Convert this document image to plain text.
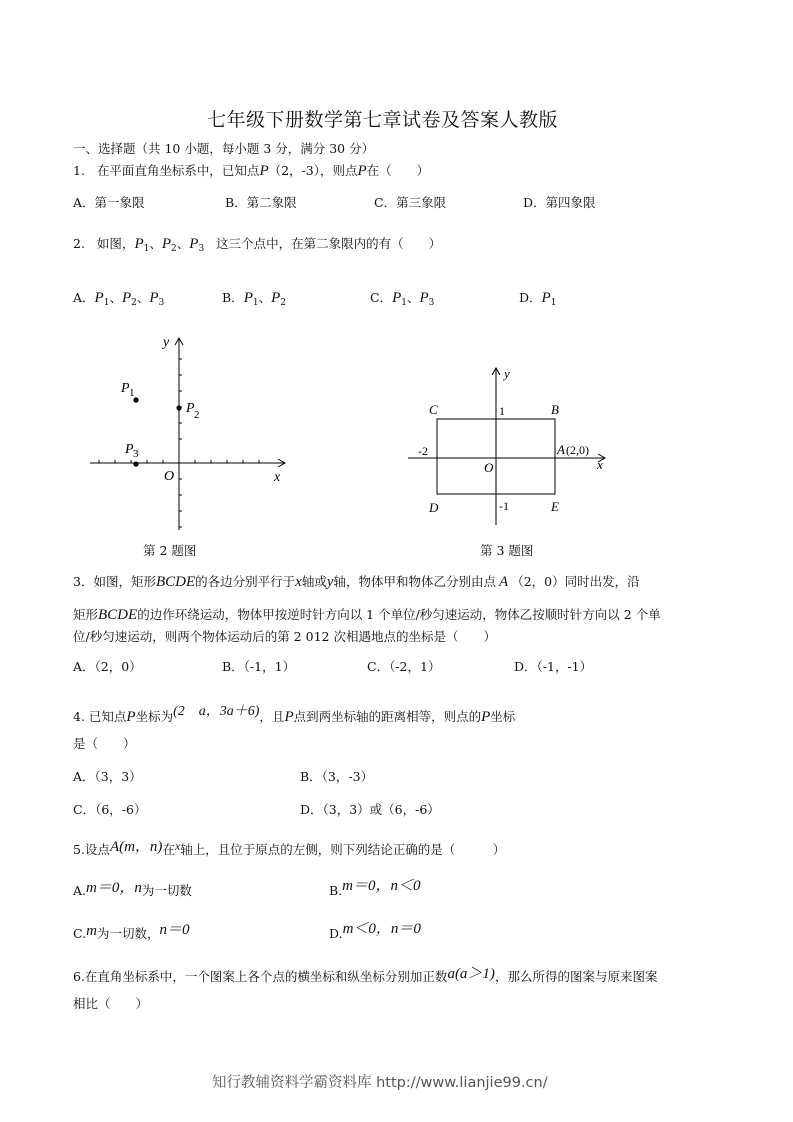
七年级下册数学第七章试卷及答案人教版
一、选择题（共 10 小题，每小题 3 分，满分 30 分）
1. 在平面直角坐标系中，已知点P（2，-3），则点P在（　　）
A．第一象限	B．第二象限	C．第三象限	D．第四象限
2. 如图，$P_1$、$P_2$、$P_3$ 这三个点中，在第二象限内的有（　　）
A．$P_1$、$P_2$、$P_3$	B．$P_1$、$P_2$	C．$P_1$、$P_3$	D．$P_1$
y
x
O
P 1
P 2
P 3
y
x
O
C	B
D	E
A (2,0)
1
-1
-2
第 2 题图	第 3 题图
3．如图，矩形BCDE的各边分别平行于x轴或y轴，物体甲和物体乙分别由点 A （2，0）同时出发，沿
矩形BCDE的边作环绕运动，物体甲按逆时针方向以 1 个单位/秒匀速运动，物体乙按顺时针方向以 2 个单
位/秒匀速运动，则两个物体运动后的第 2 012 次相遇地点的坐标是（　　）
A．（2，0）	B．（-1，1）	C．（-2，1）	D．（-1，-1）
4. 已知点P坐标为(2　a，3a＋6)，且P点到两坐标轴的距离相等，则点的P坐标
是（　　）
A．（3，3）	B．（3，-3）
C．（6，-6）	D．（3，3）或（6，-6）
5.设点A(m，n)在x轴上，且位于原点的左侧，则下列结论正确的是（　　　）
A.m＝0，n为一切数	B.m＝0，n＜0
C.m为一切数，n＝0	D.m＜0，n＝0
6.在直角坐标系中，一个图案上各个点的横坐标和纵坐标分别加正数a(a＞1)，那么所得的图案与原来图案
相比（　　）
知行教辅资料学霸资料库 http://www.lianjie99.cn/
